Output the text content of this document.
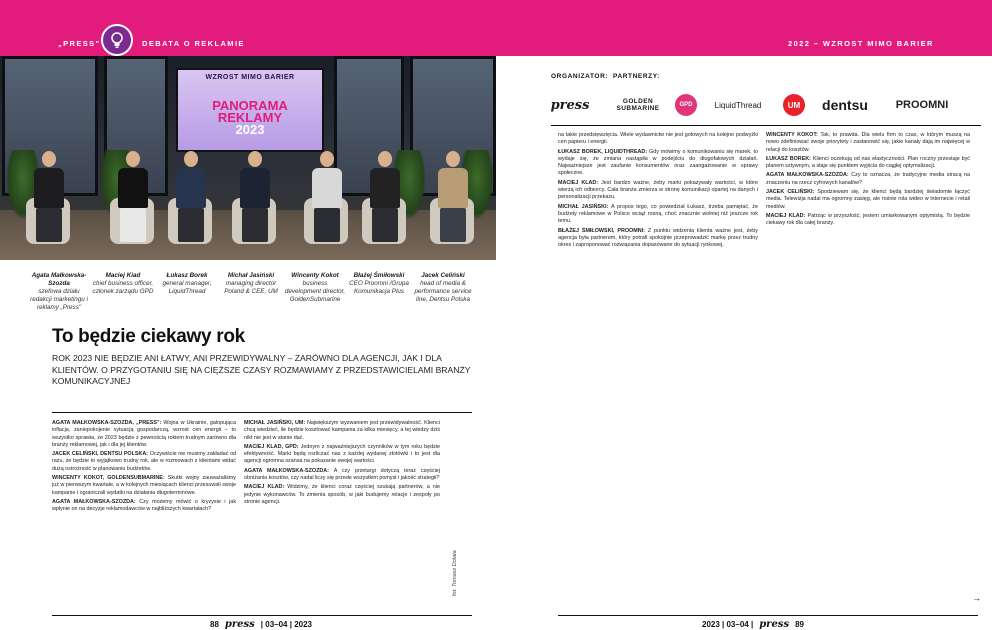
„PRESS"	DEBATA O REKLAMIE	2022 – WZROST MIMO BARIER
WZROST MIMO BARIER
PANORAMA
REKLAMY
2023
Agata Małkowska-Szozda
szefowa działu redakcji marketingu i reklamy „Press"
Maciej Kiad
chief business officer, członek zarządu GPD
Łukasz Borek
general manager, LiquidThread
Michał Jasiński
managing director Poland & CEE, UM
Wincenty Kokot
business development director, GoldenSubmarine
Błażej Śmiłowski
CEO Proomni /Grupa Komunikacja Plus
Jacek Celiński
head of media & performance service line, Dentsu Polska
To będzie ciekawy rok

ROK 2023 NIE BĘDZIE ANI ŁATWY, ANI PRZEWIDYWALNY – ZARÓWNO DLA AGENCJI, JAK I DLA KLIENTÓW. O PRZYGOTANIU SIĘ NA CIĘŻSZE CZASY ROZMAWIAMY Z PRZEDSTAWICIELAMI BRANŻY KOMUNIKACYJNEJ

AGATA MAŁKOWSKA-SZOZDA, „PRESS": Wojna w Ukrainie, galopująca inflacja, zaniepokojenie sytuacją gospodarczą, wzrost cen energii – to wszystko sprawia, że 2023 będzie z pewnością rokiem trudnym zarówno dla branży reklamowej, jak i dla jej klientów.

JACEK CELIŃSKI, DENTSU POLSKA: Oczywiście nie musimy zakładać od razu, że będzie to wyjątkowo trudny rok, ale w rozmowach z klientami widać dużą ostrożność w planowaniu budżetów.

WINCENTY KOKOT, GOLDENSUBMARINE: Skutki wojny zauważaliśmy już w pierwszym kwartale, a w kolejnych miesiącach klienci przesuwali swoje kampanie i ograniczali wydatki na działania długoterminowe.

AGATA MAŁKOWSKA-SZOZDA: Czy możemy mówić o kryzysie i jak wpłynie on na decyzje reklamodawców w najbliższych kwartałach?

MICHAŁ JASIŃSKI, UM: Największym wyzwaniem jest przewidywalność. Klienci chcą wiedzieć, ile będzie kosztować kampania za kilka miesięcy, a tej wiedzy dziś nikt nie jest w stanie dać.

MACIEJ KLAD, GPD: Jednym z najważniejszych czynników w tym roku będzie efektywność. Marki będą rozliczać nas z każdej wydanej złotówki i to jest dla agencji ogromna szansa na pokazanie swojej wartości.

AGATA MAŁKOWSKA-SZOZDA: A czy przetargi dotyczą teraz częściej obniżania kosztów, czy nadal liczy się przede wszystkim pomysł i jakość strategii?

MACIEJ KLAD: Widzimy, że klienci coraz częściej szukają partnerów, a nie jedynie wykonawców. To zmienia sposób, w jaki budujemy relacje i zespoły po stronie agencji.

fot. Tomasz Dolata
88 press | 03–04 | 2023
ORGANIZATOR: PARTNERZY:
press	GOLDEN SUBMARINE	GPD	LiquidThread	UM	dentsu	PROOMNI

na takie przedsięwzięcia. Wiele wydawnictw nie jest gotowych na kolejne podwyżki cen papieru i energii.

ŁUKASZ BOREK, LIQUIDTHREAD: Gdy mówimy o komunikowaniu się marek, to wydaje się, że zmiana nastąpiła w podejściu do długofalowych działań. Najważniejsze jest zaufanie konsumentów oraz zaangażowanie w sprawy społeczne.

MACIEJ KLAD: Jest bardzo ważne, żeby marki pokazywały wartości, w które wierzą ich odbiorcy. Cała branża zmierza w stronę komunikacji opartej na danych i personalizacji przekazu.

MICHAŁ JASIŃSKI: A propos tego, co powiedział Łukasz, trzeba pamiętać, że budżety reklamowe w Polsce wciąż rosną, choć znacznie wolniej niż jeszcze rok temu.

BŁAŻEJ ŚMIŁOWSKI, PROOMNI: Z punktu widzenia klienta ważne jest, żeby agencja była partnerem, który potrafi spokojnie przeprowadzić markę przez trudny okres i zaproponować rozwiązania dopasowane do sytuacji rynkowej.

WINCENTY KOKOT: Tak, to prawda. Dla wielu firm to czas, w którym muszą na nowo zdefiniować swoje priorytety i zastanowić się, jakie kanały dają im najwięcej w relacji do kosztów.

ŁUKASZ BOREK: Klienci oczekują od nas elastyczności. Plan roczny przestaje być planem sztywnym, a staje się punktem wyjścia do ciągłej optymalizacji.

AGATA MAŁKOWSKA-SZOZDA: Czy to oznacza, że tradycyjne media stracą na znaczeniu na rzecz cyfrowych kanałów?

JACEK CELIŃSKI: Spodziewam się, że klienci będą bardziej świadomie łączyć media. Telewizja nadal ma ogromny zasięg, ale rośnie rola wideo w internecie i retail mediów.

MACIEJ KLAD: Patrząc w przyszłość, jestem umiarkowanym optymistą. To będzie ciekawy rok dla całej branży.

→
2023 | 03–04 | press 89
